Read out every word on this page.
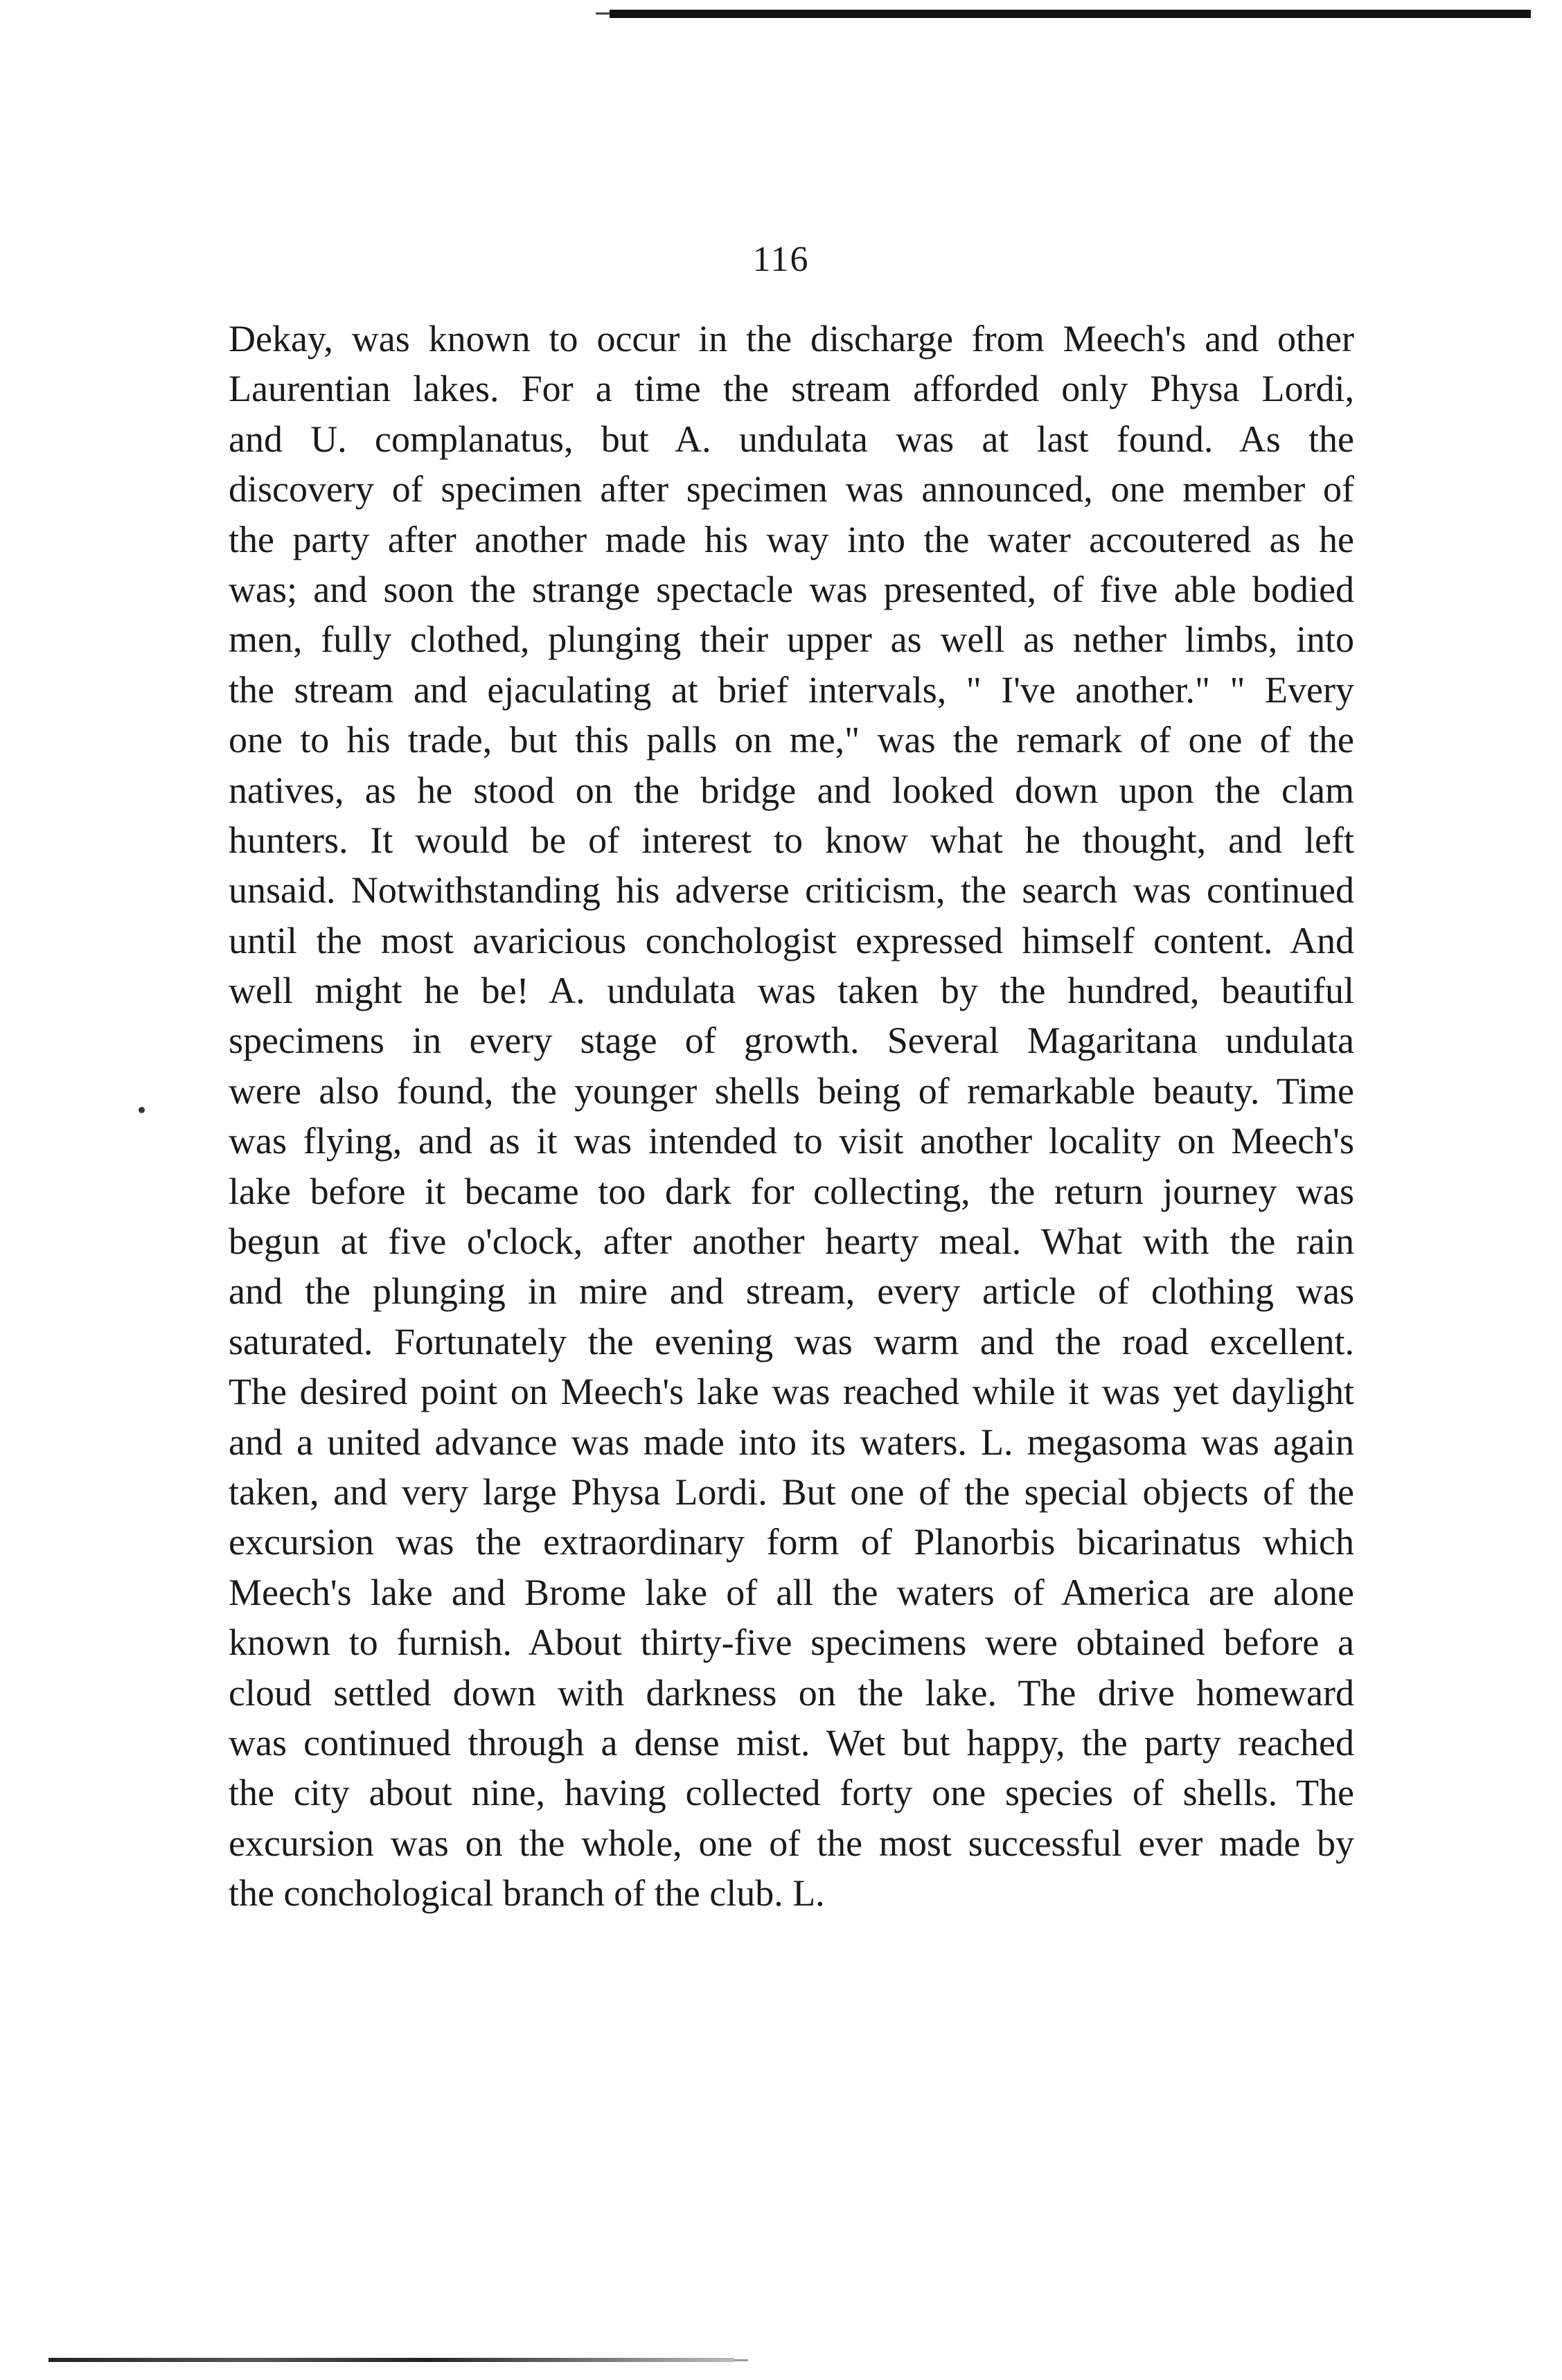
116
Dekay, was known to occur in the discharge from Meech's and other
Laurentian lakes. For a time the stream afforded only Physa Lordi,
and U. complanatus, but A. undulata was at last found. As the
discovery of specimen after specimen was announced, one member of
the party after another made his way into the water accoutered as he
was; and soon the strange spectacle was presented, of five able bodied
men, fully clothed, plunging their upper as well as nether limbs, into
the stream and ejaculating at brief intervals, " I've another." " Every
one to his trade, but this palls on me," was the remark of one of the
natives, as he stood on the bridge and looked down upon the clam
hunters. It would be of interest to know what he thought, and left
unsaid. Notwithstanding his adverse criticism, the search was continued
until the most avaricious conchologist expressed himself content. And
well might he be! A. undulata was taken by the hundred, beautiful
specimens in every stage of growth. Several Magaritana undulata
were also found, the younger shells being of remarkable beauty. Time
was flying, and as it was intended to visit another locality on Meech's
lake before it became too dark for collecting, the return journey was
begun at five o'clock, after another hearty meal. What with the rain
and the plunging in mire and stream, every article of clothing was
saturated. Fortunately the evening was warm and the road excellent.
The desired point on Meech's lake was reached while it was yet daylight
and a united advance was made into its waters. L. megasoma was again
taken, and very large Physa Lordi. But one of the special objects of the
excursion was the extraordinary form of Planorbis bicarinatus which
Meech's lake and Brome lake of all the waters of America are alone
known to furnish. About thirty-five specimens were obtained before a
cloud settled down with darkness on the lake. The drive homeward
was continued through a dense mist. Wet but happy, the party reached
the city about nine, having collected forty one species of shells. The
excursion was on the whole, one of the most successful ever made by
the conchological branch of the club. L.
